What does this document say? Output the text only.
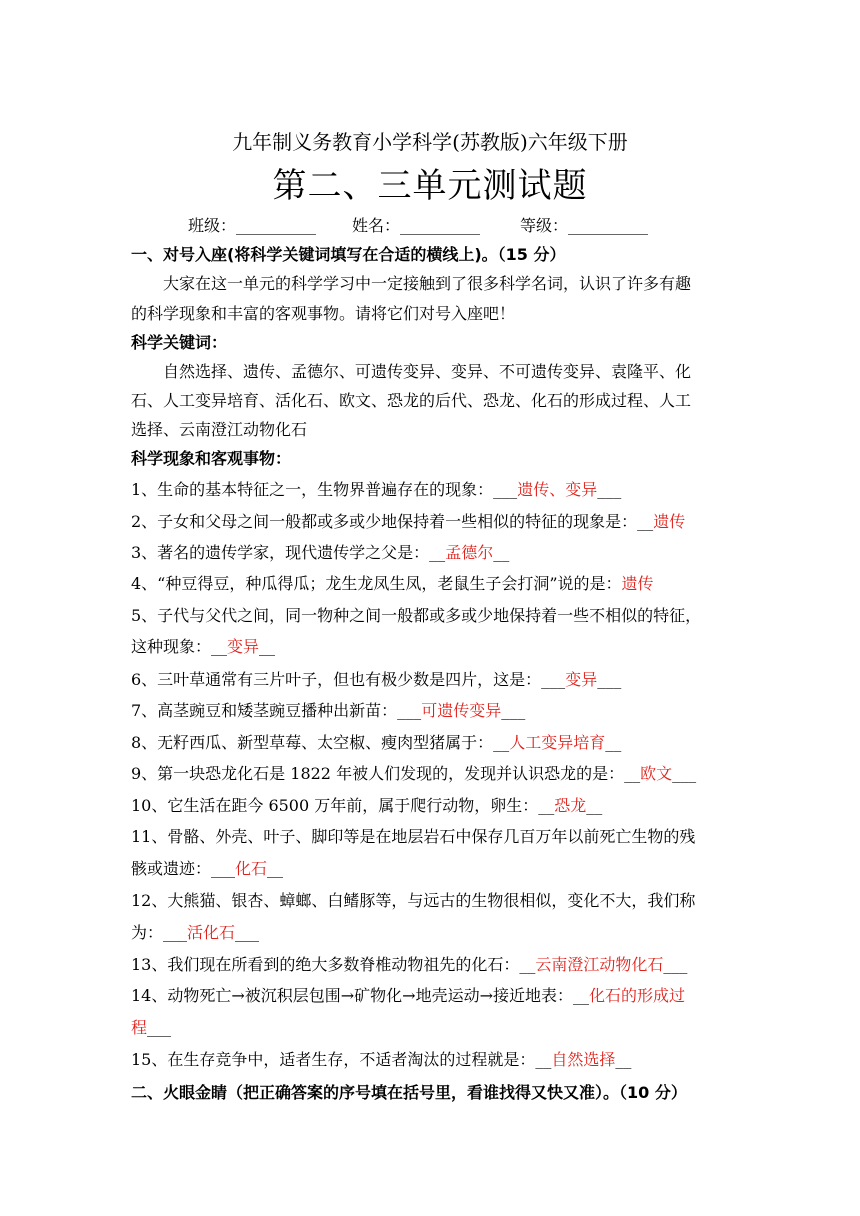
九年制义务教育小学科学(苏教版)六年级下册
第二、三单元测试题
班级：__________ 姓名：__________	等级：__________
一、对号入座(将科学关键词填写在合适的横线上)。（15 分）
大家在这一单元的科学学习中一定接触到了很多科学名词，认识了许多有趣
的科学现象和丰富的客观事物。请将它们对号入座吧！
科学关键词：
自然选择、遗传、孟德尔、可遗传变异、变异、不可遗传变异、袁隆平、化
石、人工变异培育、活化石、欧文、恐龙的后代、恐龙、化石的形成过程、人工
选择、云南澄江动物化石
科学现象和客观事物：
1、生命的基本特征之一，生物界普遍存在的现象：___遗传、变异___
2、子女和父母之间一般都或多或少地保持着一些相似的特征的现象是：__遗传
3、著名的遗传学家，现代遗传学之父是：__孟德尔__
4、“种豆得豆，种瓜得瓜；龙生龙凤生凤，老鼠生子会打洞”说的是：遗传
5、子代与父代之间，同一物种之间一般都或多或少地保持着一些不相似的特征，
这种现象：__变异__
6、三叶草通常有三片叶子，但也有极少数是四片，这是：___变异___
7、高茎豌豆和矮茎豌豆播种出新苗：___可遗传变异___
8、无籽西瓜、新型草莓、太空椒、瘦肉型猪属于：__人工变异培育__
9、第一块恐龙化石是 1822 年被人们发现的，发现并认识恐龙的是：__欧文___
10、它生活在距今 6500 万年前，属于爬行动物，卵生：__恐龙__
11、骨骼、外壳、叶子、脚印等是在地层岩石中保存几百万年以前死亡生物的残
骸或遗迹：___化石__
12、大熊猫、银杏、蟑螂、白鳍豚等，与远古的生物很相似，变化不大，我们称
为：___活化石___
13、我们现在所看到的绝大多数脊椎动物祖先的化石：__云南澄江动物化石___
14、动物死亡→被沉积层包围→矿物化→地壳运动→接近地表：__化石的形成过
程___
15、在生存竞争中，适者生存，不适者淘汰的过程就是：__自然选择__
二、火眼金睛（把正确答案的序号填在括号里，看谁找得又快又准）。（10 分）
